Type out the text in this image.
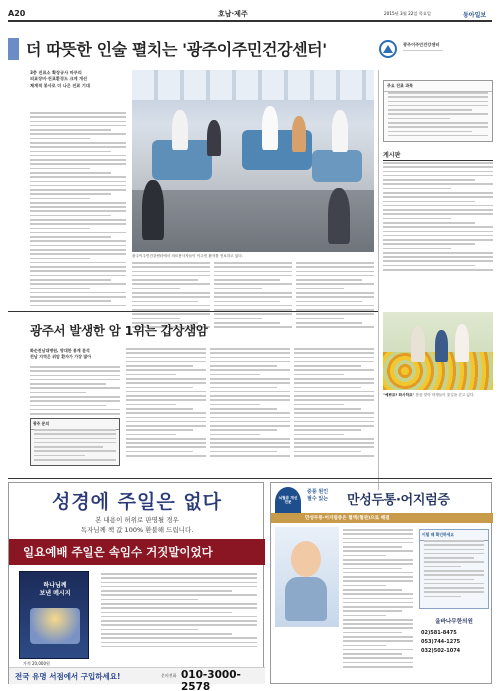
A20	호남·제주	2015년 3월 22일 목요일	동아일보
더 따뜻한 인술 펼치는 '광주이주민건강센터'	광주이주민건강센터
주요 진료 과목
3층 진료소 확장공사 마무리
의료장비·진료환경도 크게 개선
체계적 봉사로 더 나은 진료 기대
광주이주민건강센터에서 의료봉사자들이 이주민 환자를 진료하고 있다.
게시판
광주서 발생한 암 1위는 갑상샘암
화순전남대병원, 방대한 통계 분석
전남 지역은 위암 환자가 가장 많아
광주 문의
"예쁘죠? 화사하죠" 봄을 맞아 학생들이 꽃길을 걷고 있다.
성경에 주일은 없다
본 내용이 허위로 판명될 경우
독자님께 책 값 100% 환불해 드립니다.
일요예배 주일은 속임수 거짓말이었다
하나님께
보낸 메시지
가격 20,000원
전국 유명 서점에서 구입하세요!	문의전화 010-3000-2578
뇌혈류 개선 전문
중풍 원인
필수 있는 만성두통·어지럼증
만성두통·어지럼증은 혈액(혈관)으로 해결
이럴 때 확인하세요
올바나무한의원
02)581-8475
053)744-1275
032)502-1074
